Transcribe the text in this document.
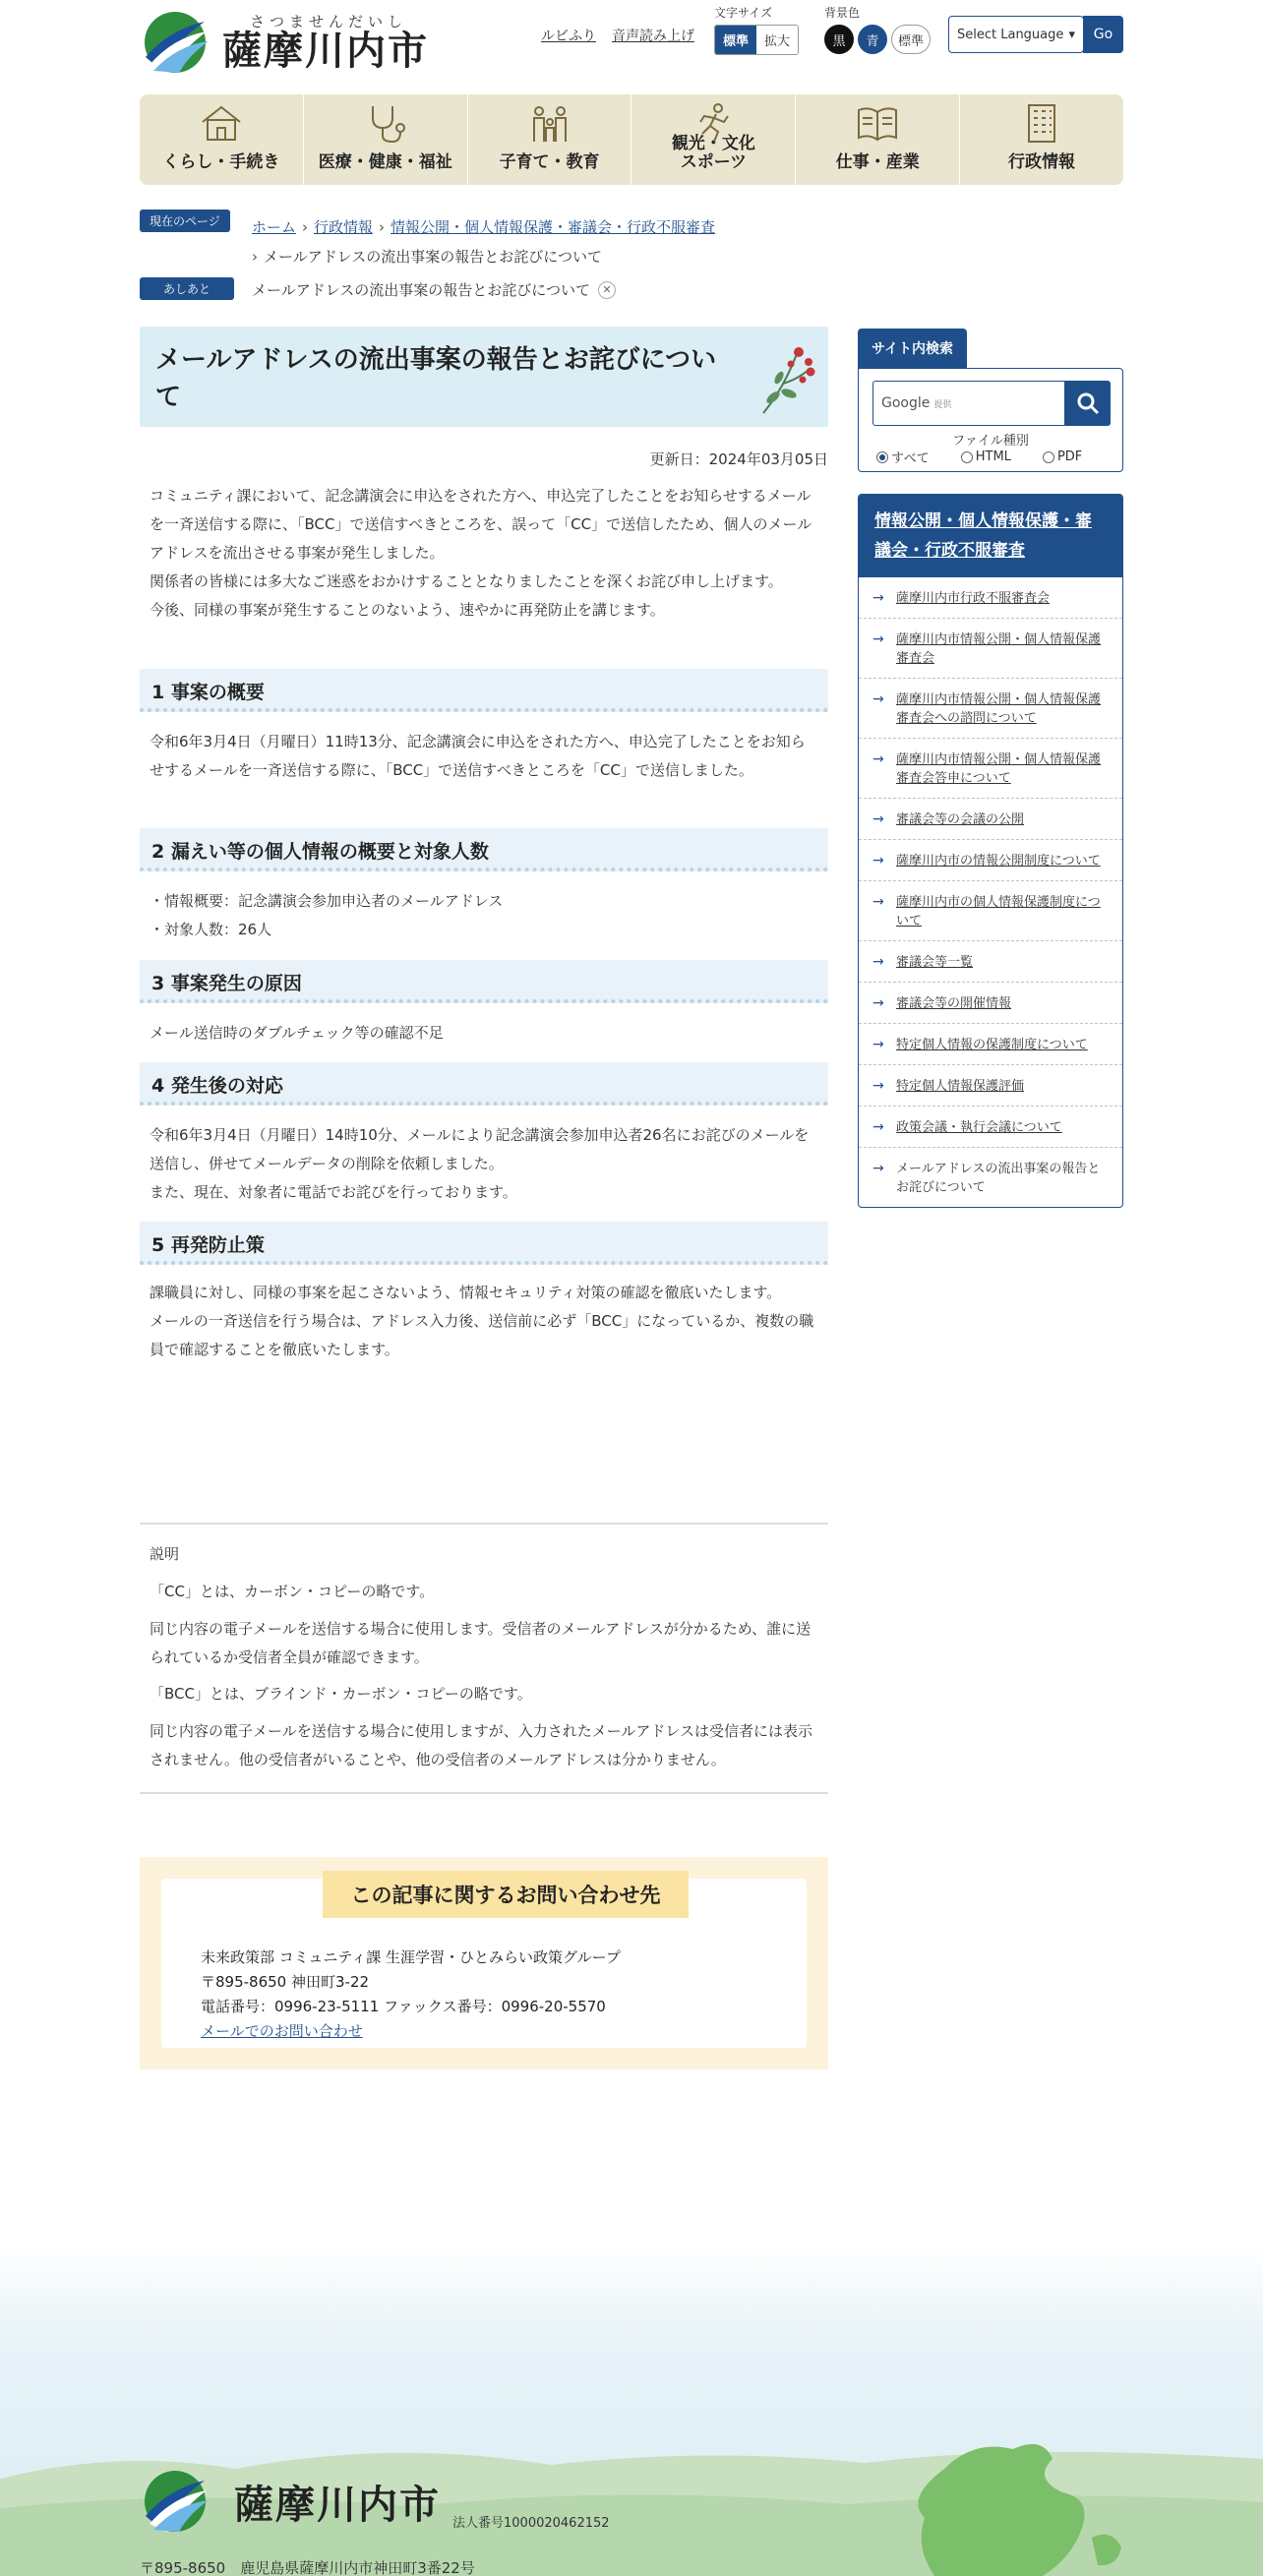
さつませんだいし
薩摩川内市	ルビふり 音声読み上げ
文字サイズ
標準	拡大
背景色
黒	青	標準	Select Language ▾	Go
くらし・手続き 医療・健康・福祉	子育て・教育
観光・文化
スポーツ	仕事・産業	行政情報
現在のページ	ホーム › 行政情報 › 情報公開・個人情報保護・審議会・行政不服審査
› メールアドレスの流出事案の報告とお詫びについて
あしあと	メールアドレスの流出事案の報告とお詫びについて	✕
メールアドレスの流出事案の報告とお詫びについて
更新日：2024年03月05日
コミュニティ課において、記念講演会に申込をされた方へ、申込完了したことをお知らせするメールを一斉送信する際に、「BCC」で送信すべきところを、誤って「CC」で送信したため、個人のメールアドレスを流出させる事案が発生しました。
関係者の皆様には多大なご迷惑をおかけすることとなりましたことを深くお詫び申し上げます。
今後、同様の事案が発生することのないよう、速やかに再発防止を講じます。
1 事案の概要
令和6年3月4日（月曜日）11時13分、記念講演会に申込をされた方へ、申込完了したことをお知らせするメールを一斉送信する際に、「BCC」で送信すべきところを「CC」で送信しました。
2 漏えい等の個人情報の概要と対象人数
・情報概要：記念講演会参加申込者のメールアドレス
・対象人数：26人
3 事案発生の原因
メール送信時のダブルチェック等の確認不足
4 発生後の対応
令和6年3月4日（月曜日）14時10分、メールにより記念講演会参加申込者26名にお詫びのメールを送信し、併せてメールデータの削除を依頼しました。
また、現在、対象者に電話でお詫びを行っております。
5 再発防止策
課職員に対し、同様の事案を起こさないよう、情報セキュリティ対策の確認を徹底いたします。
メールの一斉送信を行う場合は、アドレス入力後、送信前に必ず「BCC」になっているか、複数の職員で確認することを徹底いたします。
説明
「CC」とは、カーボン・コピーの略です。
同じ内容の電子メールを送信する場合に使用します。受信者のメールアドレスが分かるため、誰に送られているか受信者全員が確認できます。
「BCC」とは、ブラインド・カーボン・コピーの略です。
同じ内容の電子メールを送信する場合に使用しますが、入力されたメールアドレスは受信者には表示されません。他の受信者がいることや、他の受信者のメールアドレスは分かりません。
この記事に関するお問い合わせ先
未来政策部 コミュニティ課 生涯学習・ひとみらい政策グループ
〒895-8650 神田町3-22
電話番号：0996-23-5111 ファックス番号：0996-20-5570
メールでのお問い合わせ
サイト内検索
Google 提供
ファイル種別
すべて	HTML	PDF
情報公開・個人情報保護・審議会・行政不服審査
→ 薩摩川内市行政不服審査会
→ 薩摩川内市情報公開・個人情報保護審査会
→ 薩摩川内市情報公開・個人情報保護審査会への諮問について
→ 薩摩川内市情報公開・個人情報保護審査会答申について
→ 審議会等の会議の公開
→ 薩摩川内市の情報公開制度について
→ 薩摩川内市の個人情報保護制度について
→ 審議会等一覧
→ 審議会等の開催情報
→ 特定個人情報の保護制度について
→ 特定個人情報保護評価
→ 政策会議・執行会議について
→ メールアドレスの流出事案の報告とお詫びについて
薩摩川内市 法人番号1000020462152
〒895-8650　鹿児島県薩摩川内市神田町3番22号
